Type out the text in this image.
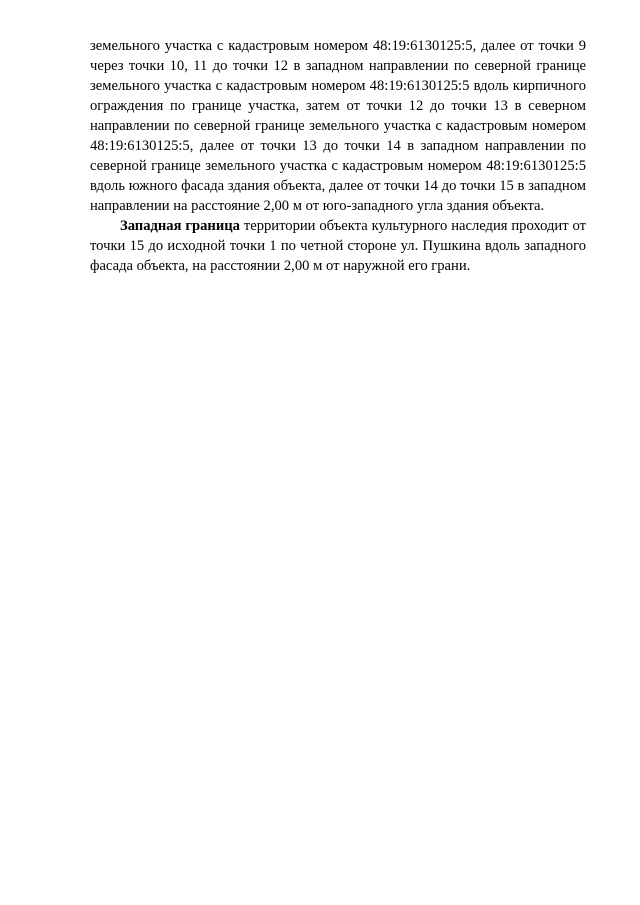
земельного участка с кадастровым номером 48:19:6130125:5, далее от точки 9 через точки 10, 11 до точки 12 в западном направлении по северной границе земельного участка с кадастровым номером 48:19:6130125:5 вдоль кирпичного ограждения по границе участка, затем от точки 12 до точки 13 в северном направлении по северной границе земельного участка с кадастровым номером 48:19:6130125:5, далее от точки 13 до точки 14 в западном направлении по северной границе земельного участка с кадастровым номером 48:19:6130125:5 вдоль южного фасада здания объекта, далее от точки 14 до точки 15 в западном направлении на расстояние 2,00 м от юго-западного угла здания объекта.

Западная граница территории объекта культурного наследия проходит от точки 15 до исходной точки 1 по четной стороне ул. Пушкина вдоль западного фасада объекта, на расстоянии 2,00 м от наружной его грани.
